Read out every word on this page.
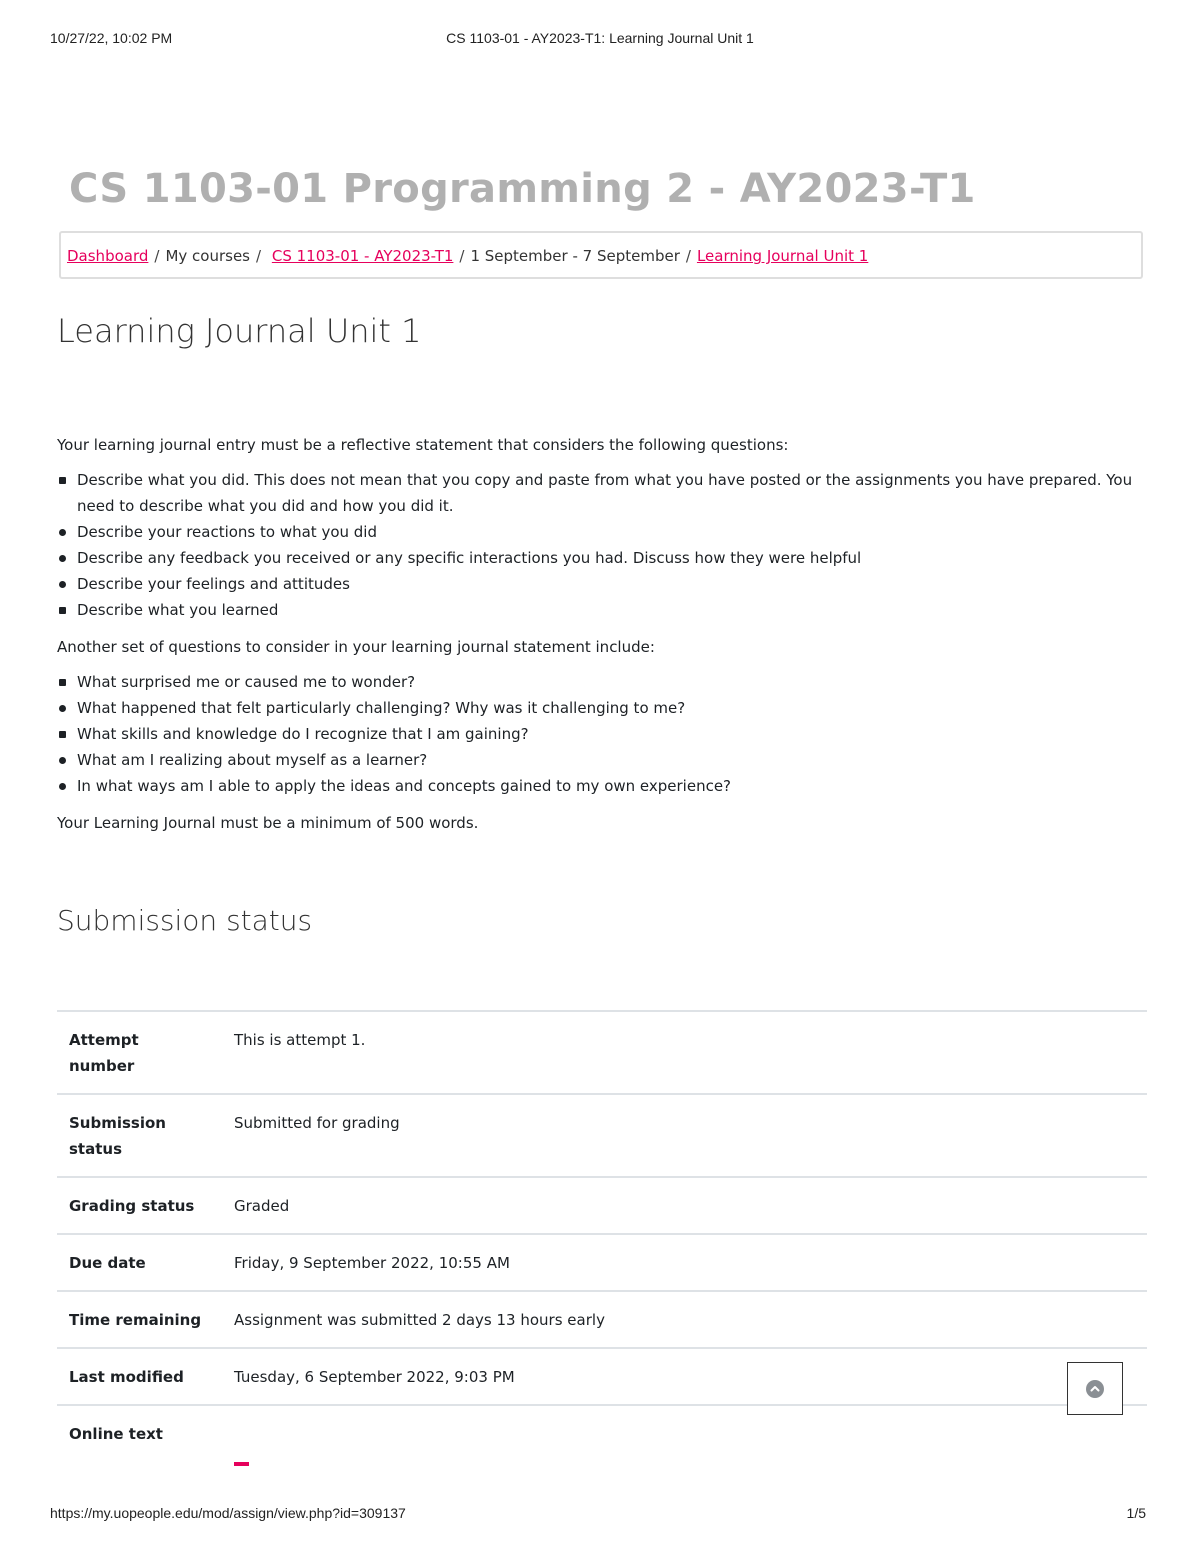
10/27/22, 10:02 PM	CS 1103-01 - AY2023-T1: Learning Journal Unit 1
CS 1103-01 Programming 2 - AY2023-T1
Dashboard / My courses / CS 1103-01 - AY2023-T1 / 1 September - 7 September / Learning Journal Unit 1
Learning Journal Unit 1

Your learning journal entry must be a reflective statement that considers the following questions:

Describe what you did. This does not mean that you copy and paste from what you have posted or the assignments you have prepared. You need to describe what you did and how you did it.
Describe your reactions to what you did
Describe any feedback you received or any specific interactions you had. Discuss how they were helpful
Describe your feelings and attitudes
Describe what you learned

Another set of questions to consider in your learning journal statement include:

What surprised me or caused me to wonder?
What happened that felt particularly challenging? Why was it challenging to me?
What skills and knowledge do I recognize that I am gaining?
What am I realizing about myself as a learner?
In what ways am I able to apply the ideas and concepts gained to my own experience?

Your Learning Journal must be a minimum of 500 words.

Submission status
Attempt number	This is attempt 1.
Submission status	Submitted for grading
Grading status	Graded
Due date	Friday, 9 September 2022, 10:55 AM
Time remaining	Assignment was submitted 2 days 13 hours early
Last modified	Tuesday, 6 September 2022, 9:03 PM
Online text	
https://my.uopeople.edu/mod/assign/view.php?id=309137	1/5
